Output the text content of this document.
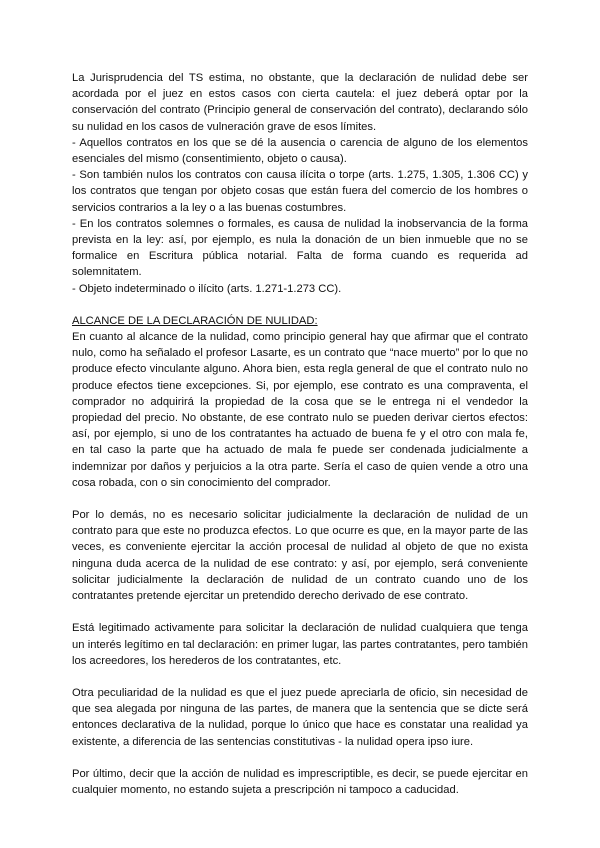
La Jurisprudencia del TS estima, no obstante, que la declaración de nulidad debe ser acordada por el juez en estos casos con cierta cautela: el juez deberá optar por la conservación del contrato (Principio general de conservación del contrato), declarando sólo su nulidad en los casos de vulneración grave de esos límites.

- Aquellos contratos en los que se dé la ausencia o carencia de alguno de los elementos esenciales del mismo (consentimiento, objeto o causa).

- Son también nulos los contratos con causa ilícita o torpe (arts. 1.275, 1.305, 1.306 CC) y los contratos que tengan por objeto cosas que están fuera del comercio de los hombres o servicios contrarios a la ley o a las buenas costumbres.

- En los contratos solemnes o formales, es causa de nulidad la inobservancia de la forma prevista en la ley: así, por ejemplo, es nula la donación de un bien inmueble que no se formalice en Escritura pública notarial. Falta de forma cuando es requerida ad solemnitatem.

- Objeto indeterminado o ilícito (arts. 1.271-1.273 CC).

ALCANCE DE LA DECLARACIÓN DE NULIDAD:

En cuanto al alcance de la nulidad, como principio general hay que afirmar que el contrato nulo, como ha señalado el profesor Lasarte, es un contrato que “nace muerto” por lo que no produce efecto vinculante alguno. Ahora bien, esta regla general de que el contrato nulo no produce efectos tiene excepciones. Si, por ejemplo, ese contrato es una compraventa, el comprador no adquirirá la propiedad de la cosa que se le entrega ni el vendedor la propiedad del precio. No obstante, de ese contrato nulo se pueden derivar ciertos efectos: así, por ejemplo, si uno de los contratantes ha actuado de buena fe y el otro con mala fe, en tal caso la parte que ha actuado de mala fe puede ser condenada judicialmente a indemnizar por daños y perjuicios a la otra parte. Sería el caso de quien vende a otro una cosa robada, con o sin conocimiento del comprador.

Por lo demás, no es necesario solicitar judicialmente la declaración de nulidad de un contrato para que este no produzca efectos. Lo que ocurre es que, en la mayor parte de las veces, es conveniente ejercitar la acción procesal de nulidad al objeto de que no exista ninguna duda acerca de la nulidad de ese contrato: y así, por ejemplo, será conveniente solicitar judicialmente la declaración de nulidad de un contrato cuando uno de los contratantes pretende ejercitar un pretendido derecho derivado de ese contrato.

Está legitimado activamente para solicitar la declaración de nulidad cualquiera que tenga un interés legítimo en tal declaración: en primer lugar, las partes contratantes, pero también los acreedores, los herederos de los contratantes, etc.

Otra peculiaridad de la nulidad es que el juez puede apreciarla de oficio, sin necesidad de que sea alegada por ninguna de las partes, de manera que la sentencia que se dicte será entonces declarativa de la nulidad, porque lo único que hace es constatar una realidad ya existente, a diferencia de las sentencias constitutivas - la nulidad opera ipso iure.

Por último, decir que la acción de nulidad es imprescriptible, es decir, se puede ejercitar en cualquier momento, no estando sujeta a prescripción ni tampoco a caducidad.
